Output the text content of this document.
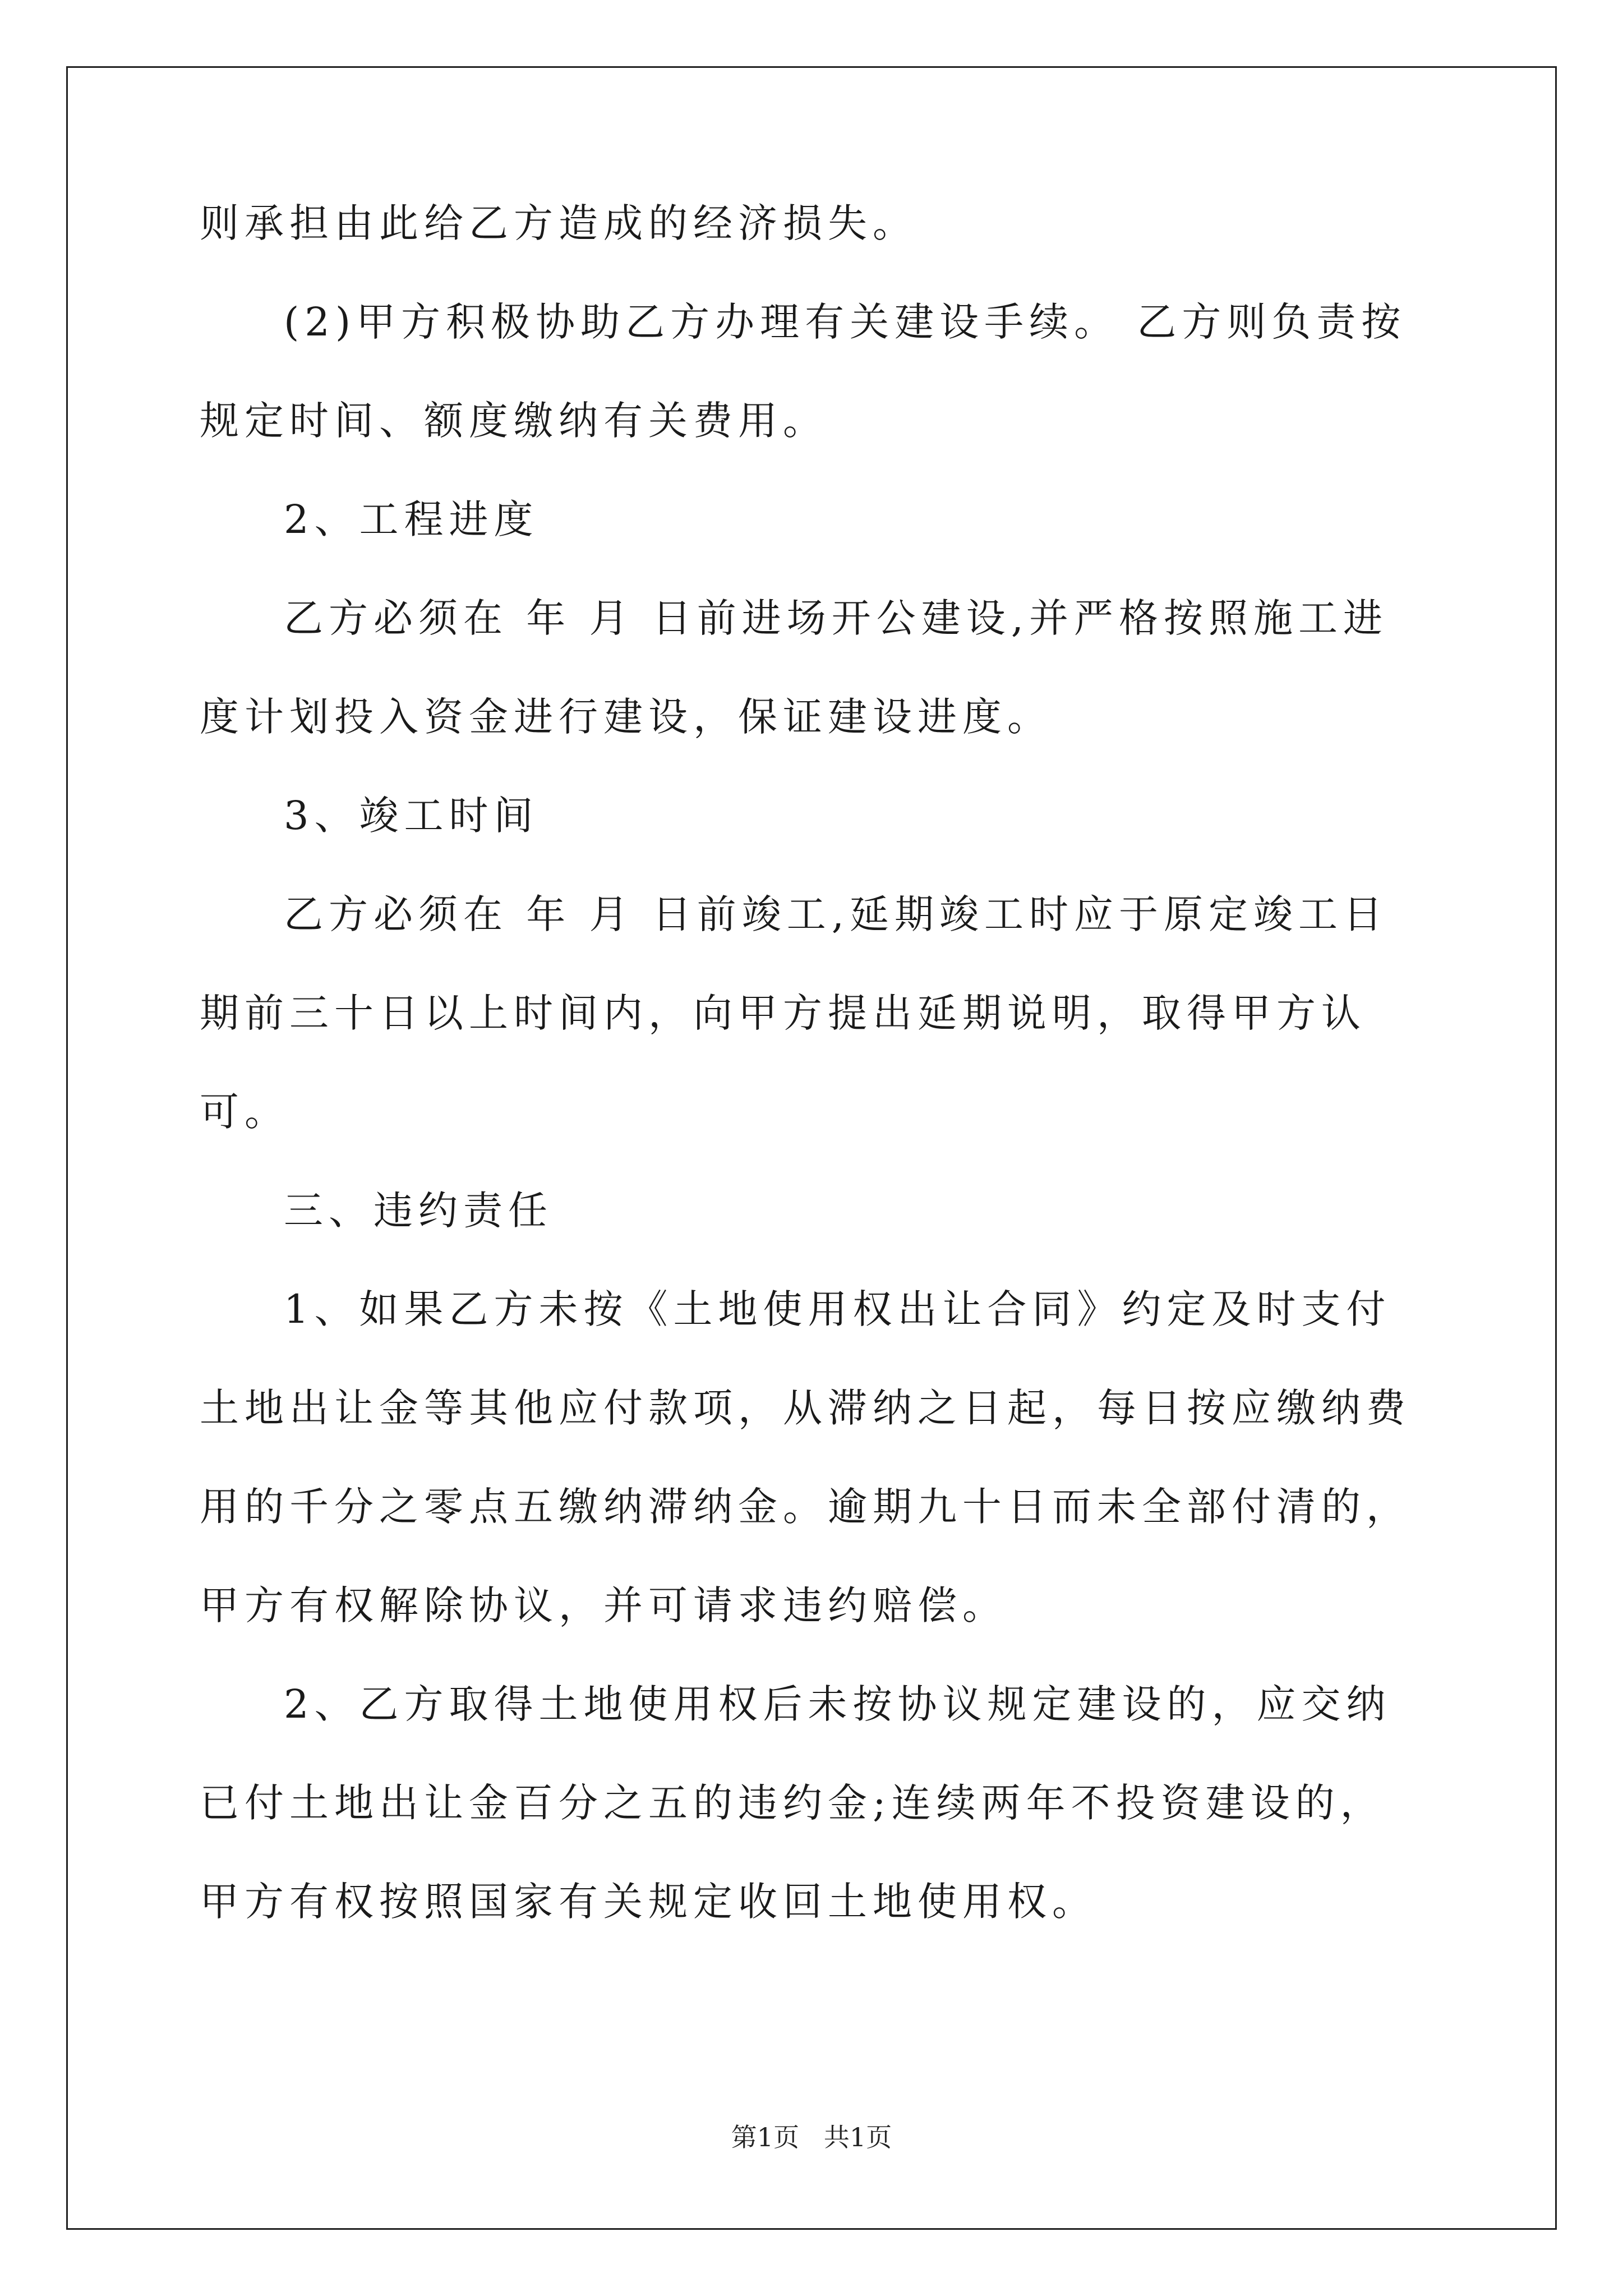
则承担由此给乙方造成的经济损失。

(2)甲方积极协助乙方办理有关建设手续。 乙方则负责按规定时间、额度缴纳有关费用。

2、工程进度

乙方必须在 年 月 日前进场开公建设,并严格按照施工进度计划投入资金进行建设，保证建设进度。

3、竣工时间

乙方必须在 年 月 日前竣工,延期竣工时应于原定竣工日期前三十日以上时间内，向甲方提出延期说明，取得甲方认可。

三、违约责任

1、如果乙方未按《土地使用权出让合同》约定及时支付土地出让金等其他应付款项，从滞纳之日起，每日按应缴纳费用的千分之零点五缴纳滞纳金。逾期九十日而未全部付清的，甲方有权解除协议，并可请求违约赔偿。

2、乙方取得土地使用权后未按协议规定建设的，应交纳已付土地出让金百分之五的违约金;连续两年不投资建设的， 甲方有权按照国家有关规定收回土地使用权。

第1页   共1页
